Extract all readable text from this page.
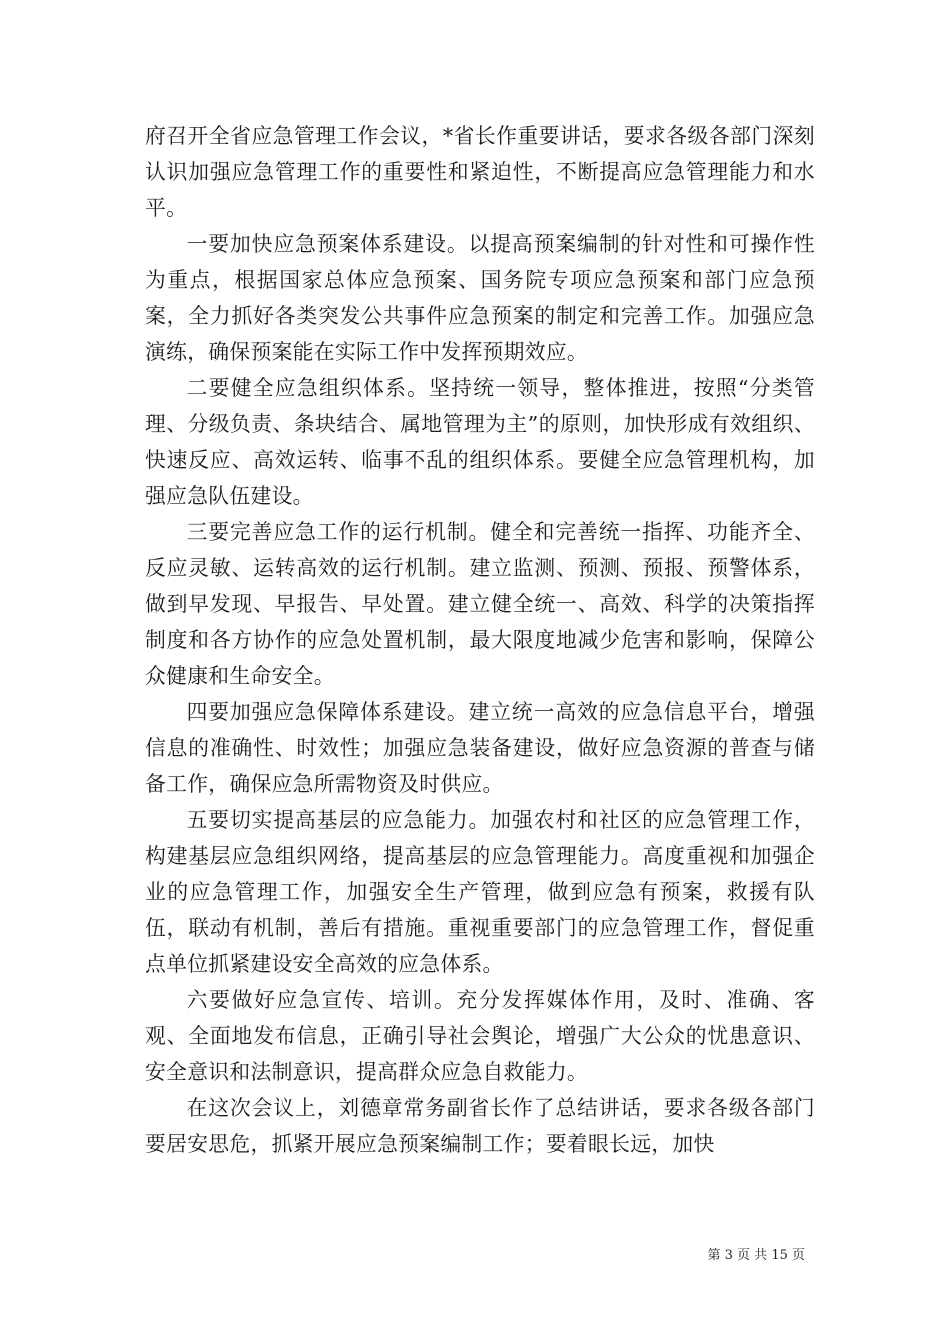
府召开全省应急管理工作会议，*省长作重要讲话，要求各级各部门深刻认识加强应急管理工作的重要性和紧迫性，不断提高应急管理能力和水平。

一要加快应急预案体系建设。以提高预案编制的针对性和可操作性为重点，根据国家总体应急预案、国务院专项应急预案和部门应急预案，全力抓好各类突发公共事件应急预案的制定和完善工作。加强应急演练，确保预案能在实际工作中发挥预期效应。

二要健全应急组织体系。坚持统一领导，整体推进，按照“分类管理、分级负责、条块结合、属地管理为主”的原则，加快形成有效组织、快速反应、高效运转、临事不乱的组织体系。要健全应急管理机构，加强应急队伍建设。

三要完善应急工作的运行机制。健全和完善统一指挥、功能齐全、反应灵敏、运转高效的运行机制。建立监测、预测、预报、预警体系，做到早发现、早报告、早处置。建立健全统一、高效、科学的决策指挥制度和各方协作的应急处置机制，最大限度地减少危害和影响，保障公众健康和生命安全。

四要加强应急保障体系建设。建立统一高效的应急信息平台，增强信息的准确性、时效性；加强应急装备建设，做好应急资源的普查与储备工作，确保应急所需物资及时供应。

五要切实提高基层的应急能力。加强农村和社区的应急管理工作，构建基层应急组织网络，提高基层的应急管理能力。高度重视和加强企业的应急管理工作，加强安全生产管理，做到应急有预案，救援有队伍，联动有机制，善后有措施。重视重要部门的应急管理工作，督促重点单位抓紧建设安全高效的应急体系。

六要做好应急宣传、培训。充分发挥媒体作用，及时、准确、客观、全面地发布信息，正确引导社会舆论，增强广大公众的忧患意识、安全意识和法制意识，提高群众应急自救能力。

在这次会议上，刘德章常务副省长作了总结讲话，要求各级各部门要居安思危，抓紧开展应急预案编制工作；要着眼长远，加快

第 3 页 共 15 页
